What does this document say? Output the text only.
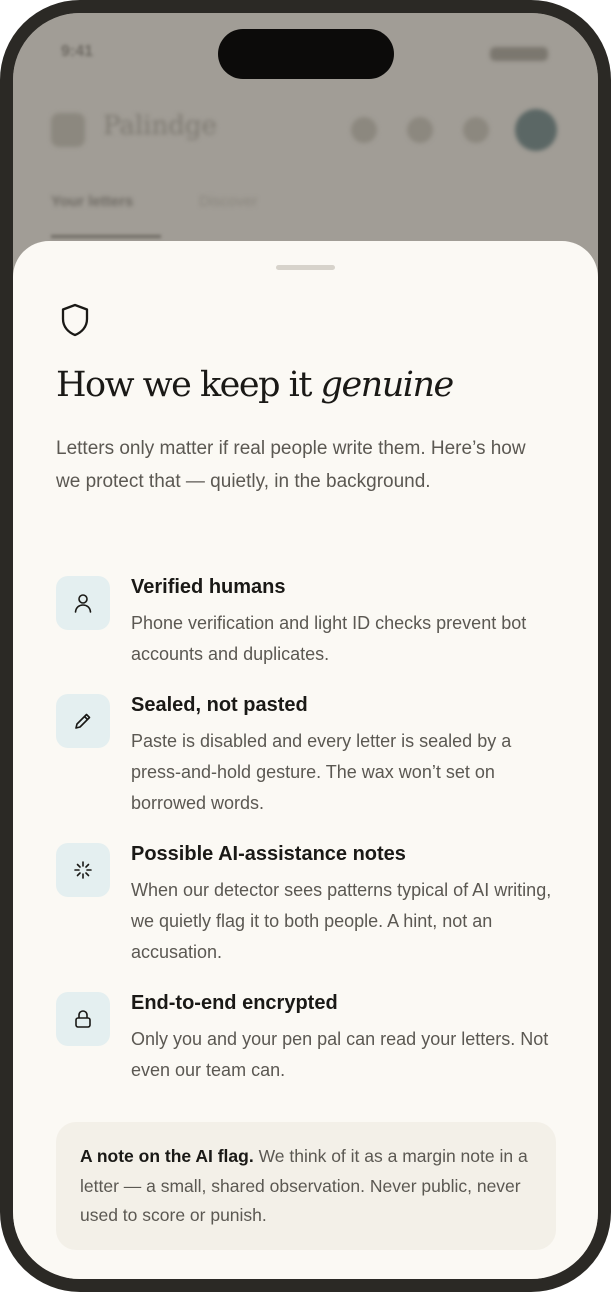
9:41
Palindge
Your letters	Discover
How we keep it genuine

Letters only matter if real people write them. Here’s how we protect that — quietly, in the background.

Verified humans

Phone verification and light ID checks prevent bot accounts and duplicates.

Sealed, not pasted

Paste is disabled and every letter is sealed by a press-and-hold gesture. The wax won’t set on borrowed words.

Possible AI-assistance notes

When our detector sees patterns typical of AI writing, we quietly flag it to both people. A hint, not an accusation.

End-to-end encrypted

Only you and your pen pal can read your letters. Not even our team can.

A note on the AI flag. We think of it as a margin note in a letter — a small, shared observation. Never public, never used to score or punish.
